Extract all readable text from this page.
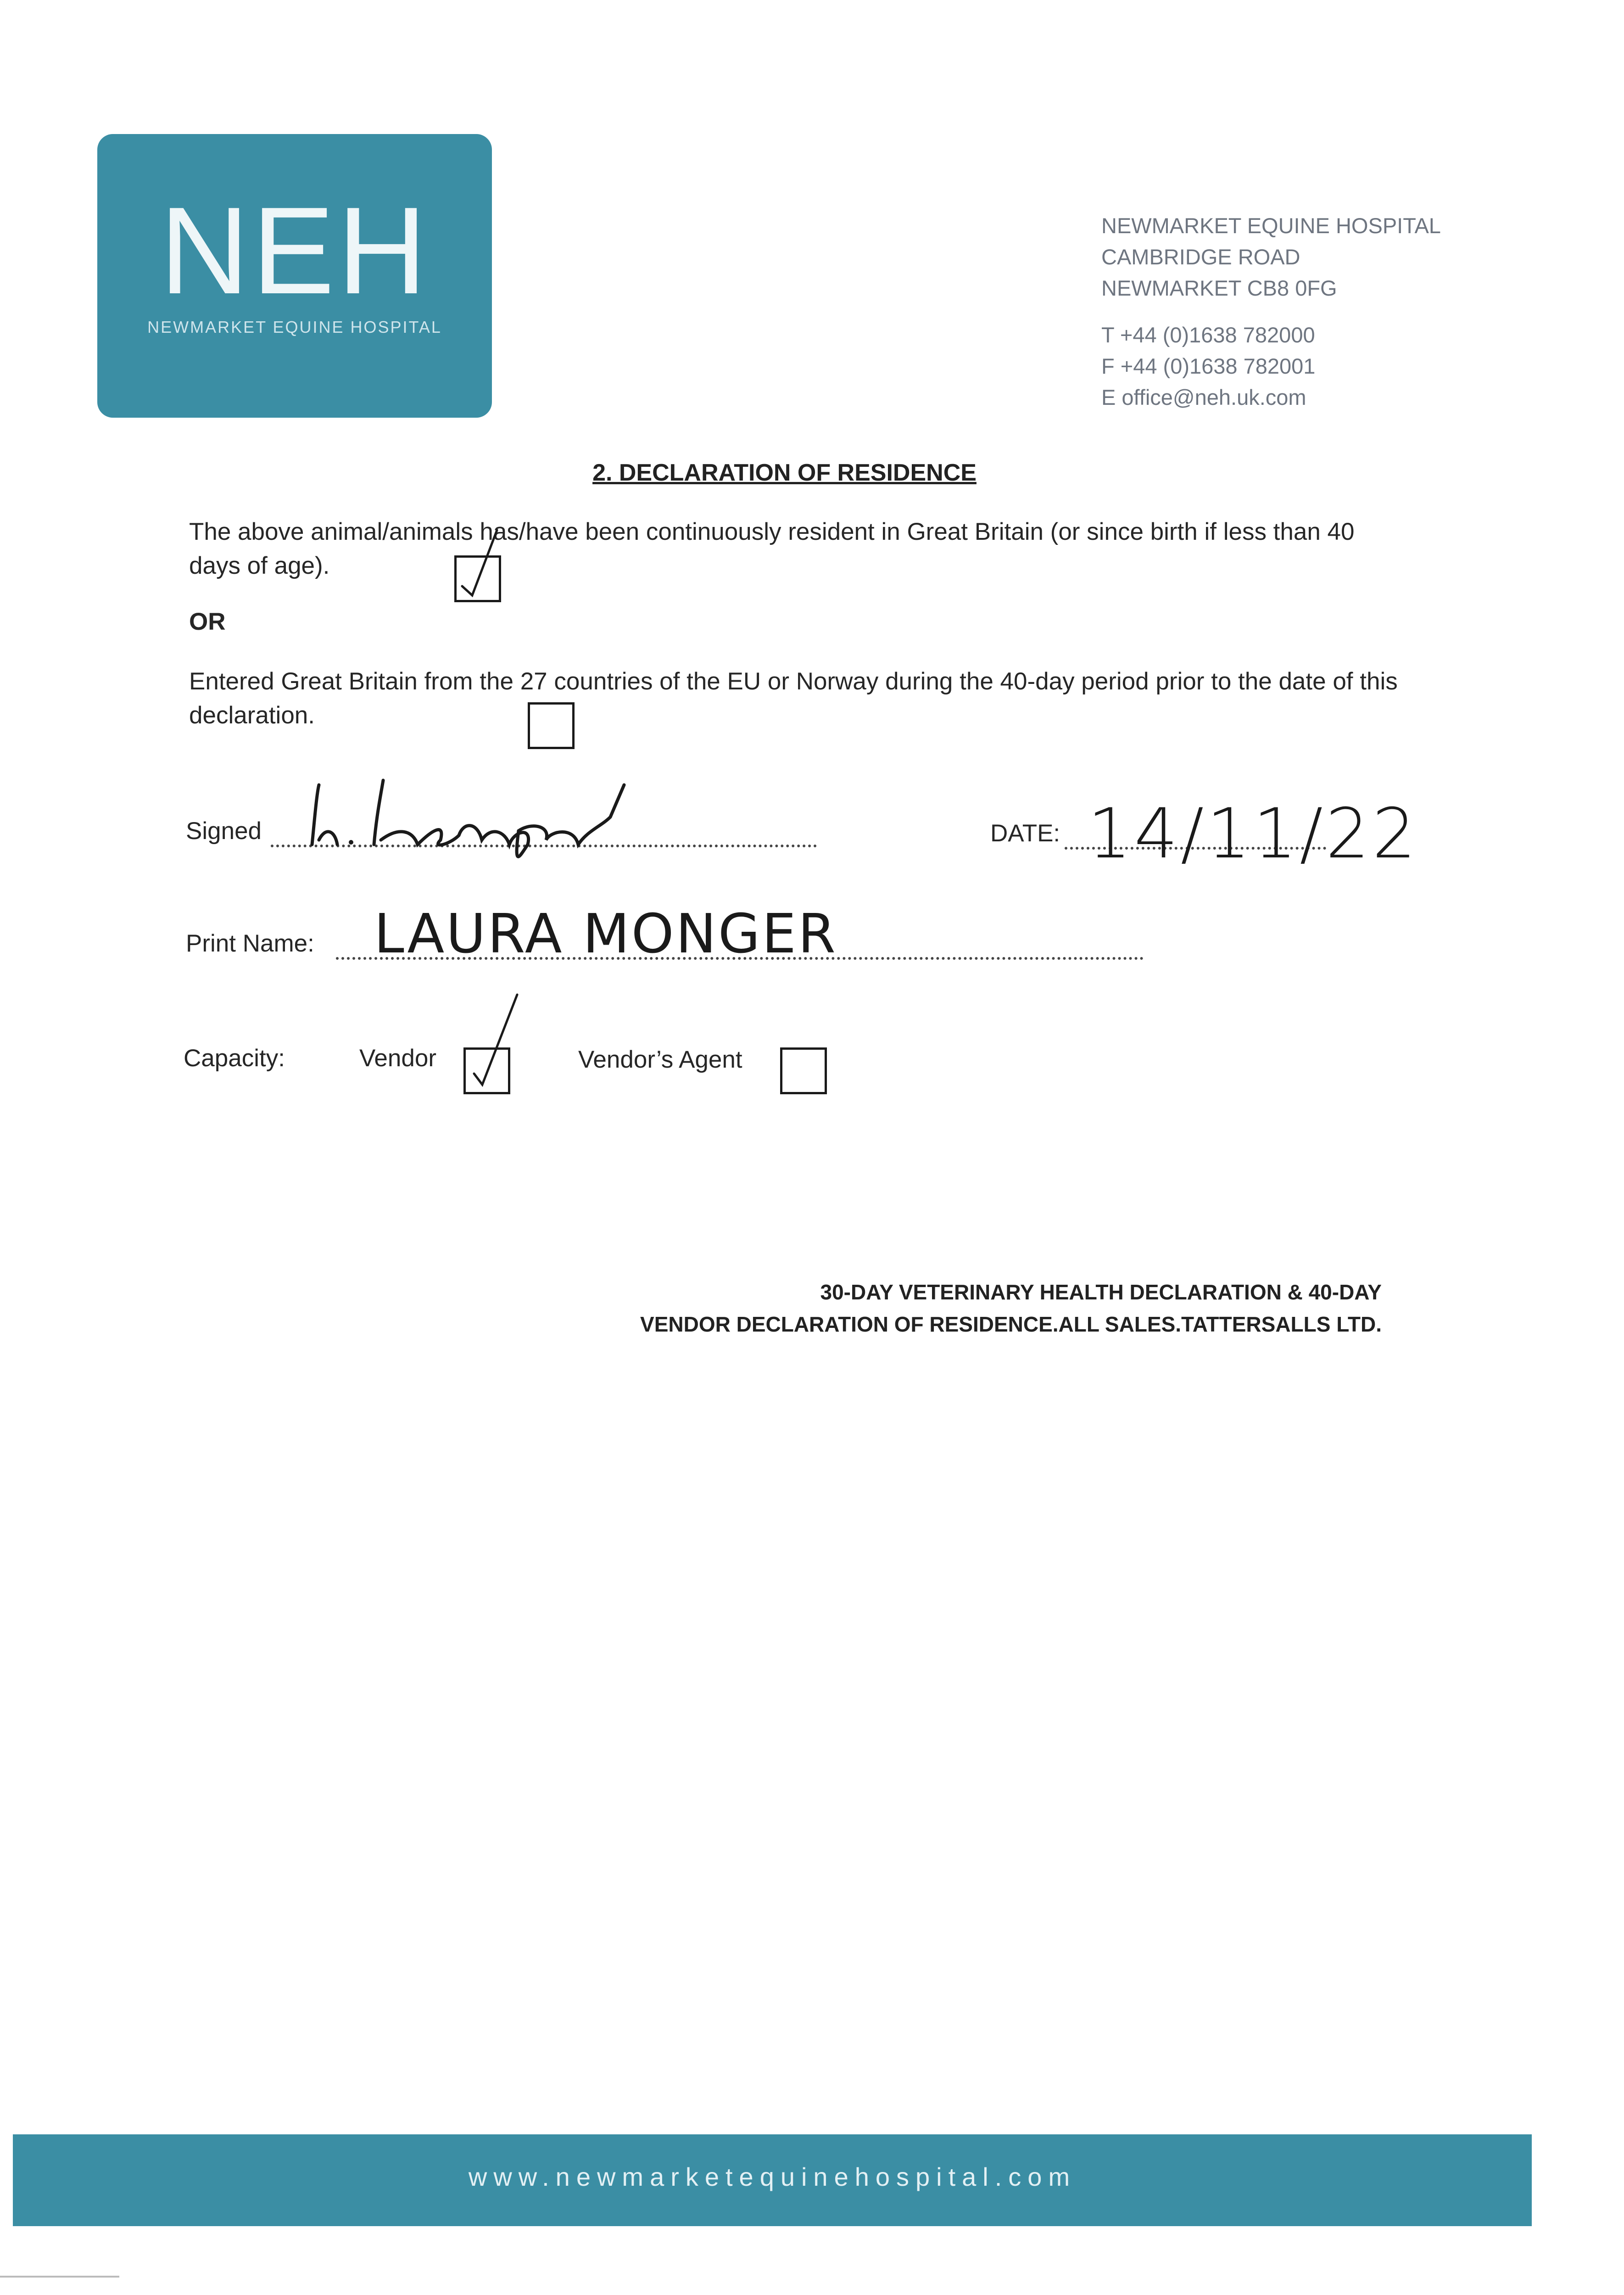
NEH
NEWMARKET EQUINE HOSPITAL
NEWMARKET EQUINE HOSPITAL
CAMBRIDGE ROAD
NEWMARKET CB8 0FG
T +44 (0)1638 782000
F +44 (0)1638 782001
E office@neh.uk.com
2. DECLARATION OF RESIDENCE
The above animal/animals has/have been continuously resident in Great Britain (or since birth if less than 40 days of age).
OR
Entered Great Britain from the 27 countries of the EU or Norway during the 40-day period prior to the date of this declaration.
Signed	DATE: 14/11/22
Print Name: LAURA MONGER
Capacity:	Vendor	Vendor’s Agent
30-DAY VETERINARY HEALTH DECLARATION & 40-DAY
VENDOR DECLARATION OF RESIDENCE.ALL SALES.TATTERSALLS LTD.
www.newmarketequinehospital.com
